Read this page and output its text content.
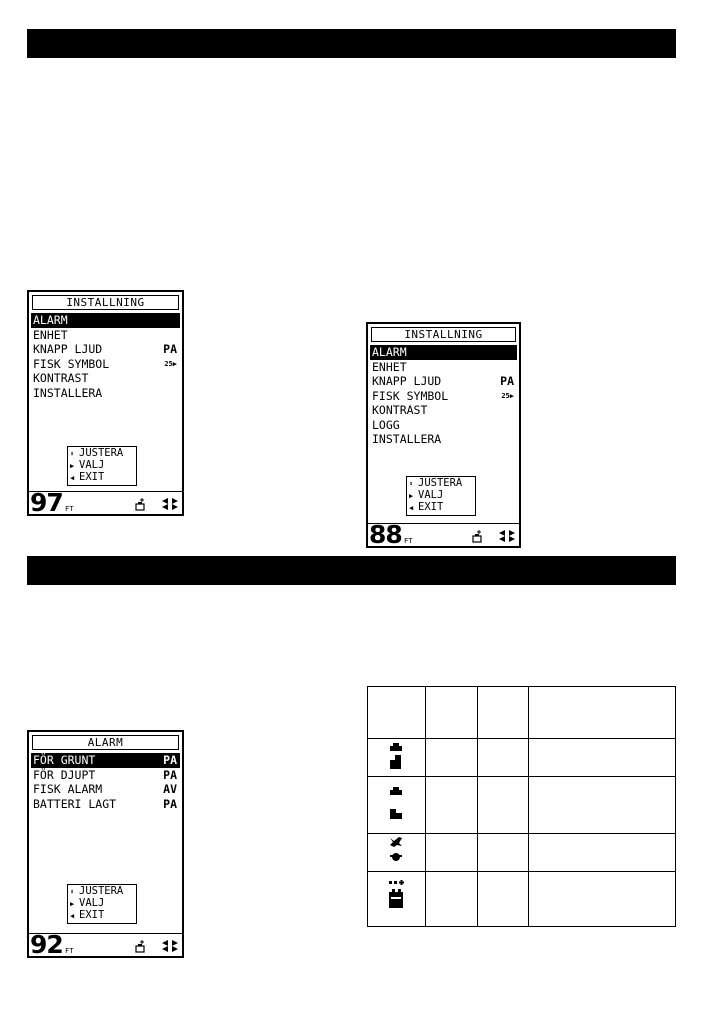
INSTALLNING
ALARM
ENHET
KNAPP LJUD	PA
FISK SYMBOL	25▶
KONTRAST
INSTALLERA
⬍ JUSTERA
▶ VALJ
◀ EXIT
97 FT
INSTALLNING
ALARM
ENHET
KNAPP LJUD	PA
FISK SYMBOL	25▶
KONTRAST
LOGG
INSTALLERA
⬍ JUSTERA
▶ VALJ
◀ EXIT
88 FT
ALARM
FÖR GRUNT	PA
FÖR DJUPT	PA
FISK ALARM	AV
BATTERI LAGT	PA
⬍ JUSTERA
▶ VALJ
◀ EXIT
92 FT
